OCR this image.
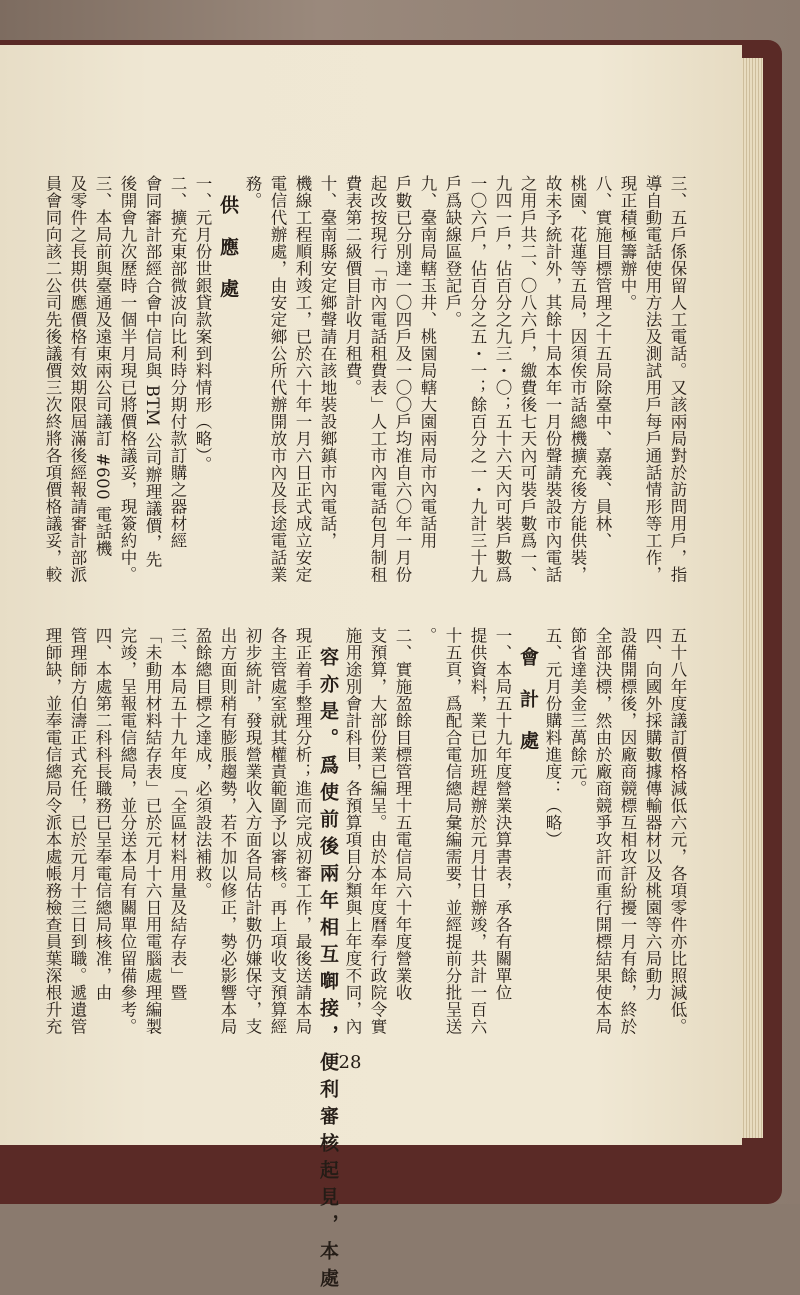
三、五戶係保留人工電話。又該兩局對於訪問用戶，指
導自動電話使用方法及測試用戶每戶通話情形等工作，
現正積極籌辦中。
八、實施目標管理之十五局除臺中、嘉義、員林、
桃園、花蓮等五局，因須俟市話總機擴充後方能供裝，
故未予統計外，其餘十局本年一月份聲請裝設市內電話
之用戶共二、〇八六戶，繳費後七天內可裝戶數爲一、
九四一戶，佔百分之九三・〇；五十六天內可裝戶數爲
一〇六戶，佔百分之五・一；餘百分之一・九計三十九
戶爲缺線區登記戶。
九、臺南局轄玉井、桃園局轄大園兩局市內電話用
戶數已分別達一〇四戶及一〇〇戶均准自六〇年一月份
起改按現行「市內電話租費表」人工市內電話包月制租
費表第二級價目計收月租費。
十、臺南縣安定鄉聲請在該地裝設鄉鎮市內電話，
機線工程順利竣工，已於六十年一月六日正式成立安定
電信代辦處，由安定鄉公所代辦開放市內及長途電話業
務。
供 應 處
一、元月份世銀貸款案到料情形（略）。
二、擴充東部微波向比利時分期付款訂購之器材經
會同審計部經合會中信局與 BTM 公司辦理議價，先
後開會九次歷時一個半月現已將價格議妥，現簽約中。
三、本局前與臺通及遠東兩公司議訂 #600 電話機
及零件之長期供應價格有效期限屆滿後經報請審計部派
員會同向該二公司先後議價三次終將各項價格議妥，較
五十八年度議訂價格減低六元，各項零件亦比照減低。
四、向國外採購數據傳輸器材以及桃園等六局動力
設備開標後，因廠商競標互相攻訐紛擾一月有餘，終於
全部決標，然由於廠商競爭攻訐而重行開標結果使本局
節省達美金三萬餘元。
五、元月份購料進度：（略）
會 計 處
一、本局五十九年度營業決算書表，承各有關單位
提供資料，業已加班趕辦於元月廿日辦竣，共計一百六
十五頁，爲配合電信總局彙編需要，並經提前分批呈送
。
二、實施盈餘目標管理十五電信局六十年度營業收
支預算，大部份業已編呈。由於本年度曆奉行政院令實
施用途別會計科目，各預算項目分類與上年度不同，內
容亦是。爲使前後兩年相互啣接，便利審核起見，本處
現正着手整理分析；進而完成初審工作，最後送請本局
各主管處室就其權責範圍予以審核。再上項收支預算經
初步統計，發現營業收入方面各局估計數仍嫌保守，支
出方面則稍有膨脹趨勢，若不加以修正，勢必影響本局
盈餘總目標之達成，必須設法補救。
三、本局五十九年度「全區材料用量及結存表」暨
「未動用材料結存表」已於元月十六日用電腦處理編製
完竣，呈報電信總局，並分送本局有關單位留備參考。
四、本處第二科科長職務已呈奉電信總局核准，由
管理師方伯濤正式充任，已於元月十三日到職。遞遺管
理師缺，並奉電信總局令派本處帳務檢查員葉深根升充
28
